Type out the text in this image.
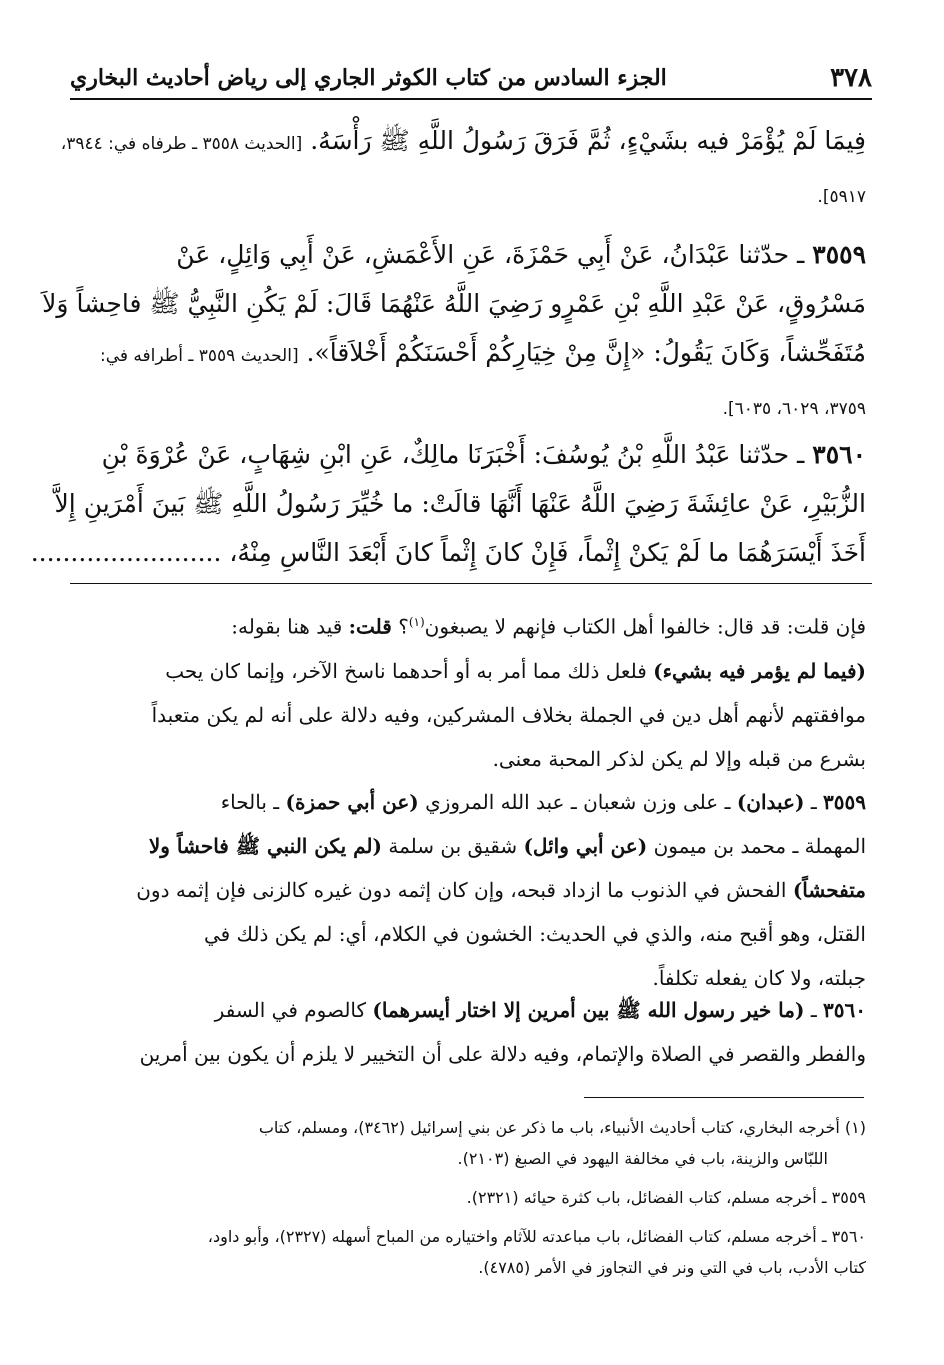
٣٧٨
الجزء السادس من كتاب الكوثر الجاري إلى رياض أحاديث البخاري
فِيمَا لَمْ يُؤْمَرْ فيه بشَيْءٍ، ثُمَّ فَرَقَ رَسُولُ اللَّهِ ﷺ رَأْسَهُ. [الحديث ٣٥٥٨ ـ طرفاه في: ٣٩٤٤،
٥٩١٧].
٣٥٥٩ ـ حدّثنا عَبْدَانُ، عَنْ أَبِي حَمْزَةَ، عَنِ الأَعْمَشِ، عَنْ أَبِي وَائِلٍ، عَنْ
مَسْرُوقٍ، عَنْ عَبْدِ اللَّهِ بْنِ عَمْرٍو رَضِيَ اللَّهُ عَنْهُمَا قَالَ: لَمْ يَكُنِ النَّبِيُّ ﷺ فاحِشاً وَلاَ
مُتَفَحِّشاً، وَكَانَ يَقُولُ: «إِنَّ مِنْ خِيَارِكُمْ أَحْسَنَكُمْ أَخْلاَقاً». [الحديث ٣٥٥٩ ـ أطرافه في:
٣٧٥٩، ٦٠٢٩، ٦٠٣٥].
٣٥٦٠ ـ حدّثنا عَبْدُ اللَّهِ بْنُ يُوسُفَ: أَخْبَرَنَا مالِكٌ، عَنِ ابْنِ شِهَابٍ، عَنْ عُرْوَةَ بْنِ
الزُّبَيْرِ، عَنْ عائِشَةَ رَضِيَ اللَّهُ عَنْهَا أَنَّهَا قالَتْ: ما خُيِّرَ رَسُولُ اللَّهِ ﷺ بَينَ أَمْرَينِ إِلاَّ
أَخَذَ أَيْسَرَهُمَا ما لَمْ يَكنْ إِثْماً، فَإِنْ كانَ إِثْماً كانَ أَبْعَدَ النَّاسِ مِنْهُ، ........................
فإن قلت: قد قال: خالفوا أهل الكتاب فإنهم لا يصبغون$^{(١)}$؟ قلت: قيد هنا بقوله:
(فيما لم يؤمر فيه بشيء) فلعل ذلك مما أمر به أو أحدهما ناسخ الآخر، وإنما كان يحب
موافقتهم لأنهم أهل دين في الجملة بخلاف المشركين، وفيه دلالة على أنه لم يكن متعبداً
بشرع من قبله وإلا لم يكن لذكر المحبة معنى.
٣٥٥٩ ـ (عبدان) ـ على وزن شعبان ـ عبد الله المروزي (عن أبي حمزة) ـ بالحاء
المهملة ـ محمد بن ميمون (عن أبي وائل) شقيق بن سلمة (لم يكن النبي ﷺ فاحشاً ولا
متفحشاً) الفحش في الذنوب ما ازداد قبحه، وإن كان إثمه دون غيره كالزنى فإن إثمه دون
القتل، وهو أقبح منه، والذي في الحديث: الخشون في الكلام، أي: لم يكن ذلك في
جبلته، ولا كان يفعله تكلفاً.
٣٥٦٠ ـ (ما خير رسول الله ﷺ بين أمرين إلا اختار أيسرهما) كالصوم في السفر
والفطر والقصر في الصلاة والإتمام، وفيه دلالة على أن التخيير لا يلزم أن يكون بين أمرين
(١) أخرجه البخاري، كتاب أحاديث الأنبياء، باب ما ذكر عن بني إسرائيل (٣٤٦٢)، ومسلم، كتاب
اللبّاس والزينة، باب في مخالفة اليهود في الصبغ (٢١٠٣).
٣٥٥٩ ـ أخرجه مسلم، كتاب الفضائل، باب كثرة حيائه (٢٣٢١).
٣٥٦٠ ـ أخرجه مسلم، كتاب الفضائل، باب مباعدته للآثام واختياره من المباح أسهله (٢٣٢٧)، وأبو داود،
كتاب الأدب، باب في التي ونر في التجاوز في الأمر (٤٧٨٥).
